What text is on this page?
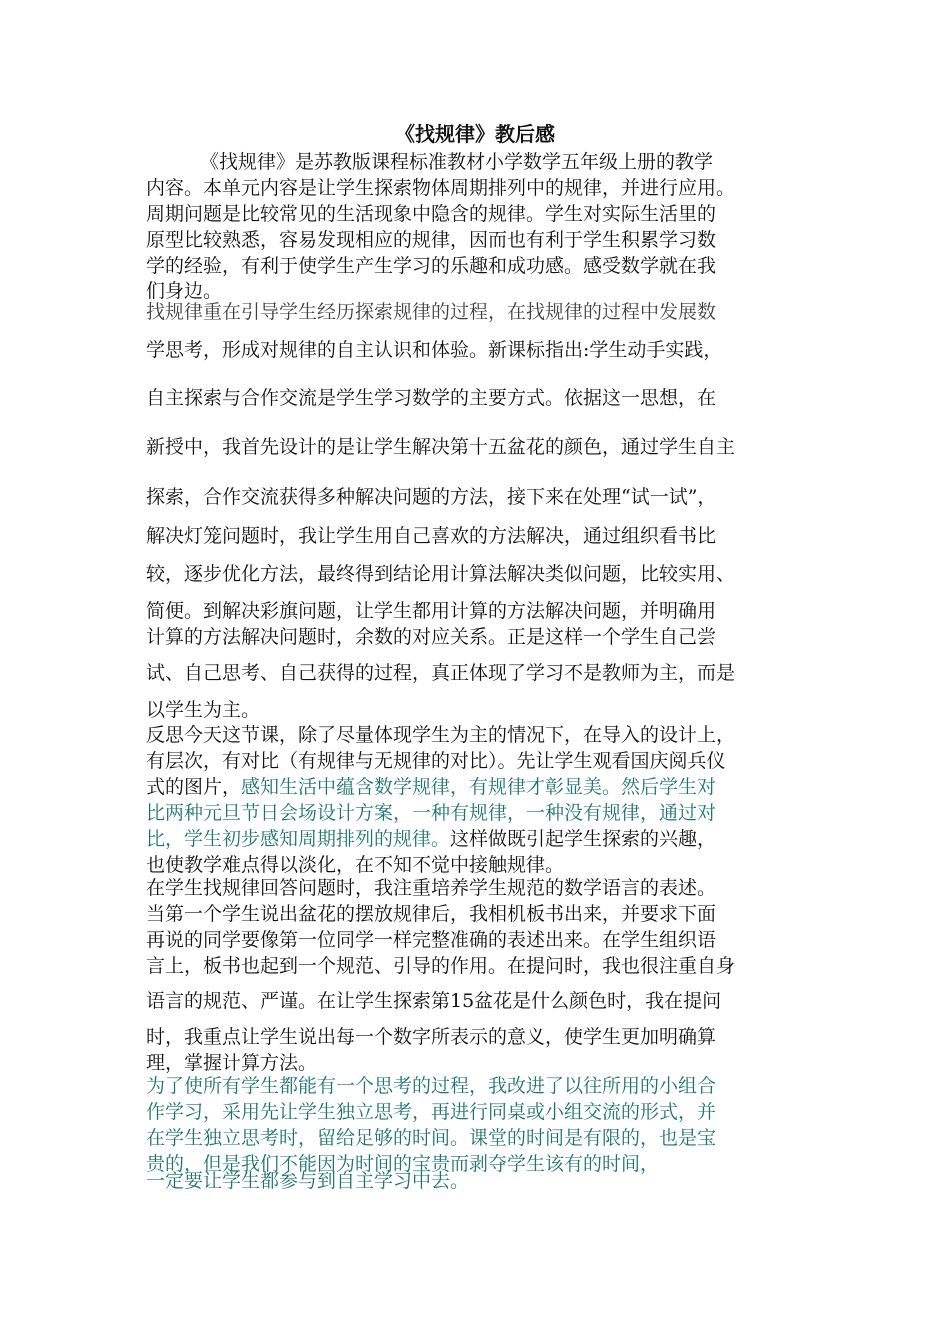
《找规律》教后感
《找规律》是苏教版课程标准教材小学数学五年级上册的教学
内容。本单元内容是让学生探索物体周期排列中的规律，并进行应用。
周期问题是比较常见的生活现象中隐含的规律。学生对实际生活里的
原型比较熟悉，容易发现相应的规律，因而也有利于学生积累学习数
学的经验，有利于使学生产生学习的乐趣和成功感。感受数学就在我
们身边。
找规律重在引导学生经历探索规律的过程，在找规律的过程中发展数
学思考，形成对规律的自主认识和体验。新课标指出:学生动手实践，
自主探索与合作交流是学生学习数学的主要方式。依据这一思想，在
新授中，我首先设计的是让学生解决第十五盆花的颜色，通过学生自主
探索，合作交流获得多种解决问题的方法，接下来在处理“试一试”，
解决灯笼问题时，我让学生用自己喜欢的方法解决，通过组织看书比
较，逐步优化方法，最终得到结论用计算法解决类似问题，比较实用、
简便。到解决彩旗问题，让学生都用计算的方法解决问题，并明确用
计算的方法解决问题时，余数的对应关系。正是这样一个学生自己尝
试、自己思考、自己获得的过程，真正体现了学习不是教师为主，而是
以学生为主。
反思今天这节课，除了尽量体现学生为主的情况下，在导入的设计上，
有层次，有对比（有规律与无规律的对比）。先让学生观看国庆阅兵仪
式的图片，感知生活中蕴含数学规律，有规律才彰显美。然后学生对
比两种元旦节日会场设计方案，一种有规律，一种没有规律，通过对
比，学生初步感知周期排列的规律。这样做既引起学生探索的兴趣，
也使教学难点得以淡化，在不知不觉中接触规律。
在学生找规律回答问题时，我注重培养学生规范的数学语言的表述。
当第一个学生说出盆花的摆放规律后，我相机板书出来，并要求下面
再说的同学要像第一位同学一样完整准确的表述出来。在学生组织语
言上，板书也起到一个规范、引导的作用。在提问时，我也很注重自身
语言的规范、严谨。在让学生探索第15盆花是什么颜色时，我在提问
时，我重点让学生说出每一个数字所表示的意义，使学生更加明确算
理，掌握计算方法。
为了使所有学生都能有一个思考的过程，我改进了以往所用的小组合
作学习，采用先让学生独立思考，再进行同桌或小组交流的形式，并
在学生独立思考时，留给足够的时间。课堂的时间是有限的，也是宝
贵的，但是我们不能因为时间的宝贵而剥夺学生该有的时间，
一定要让学生都参与到自主学习中去。
